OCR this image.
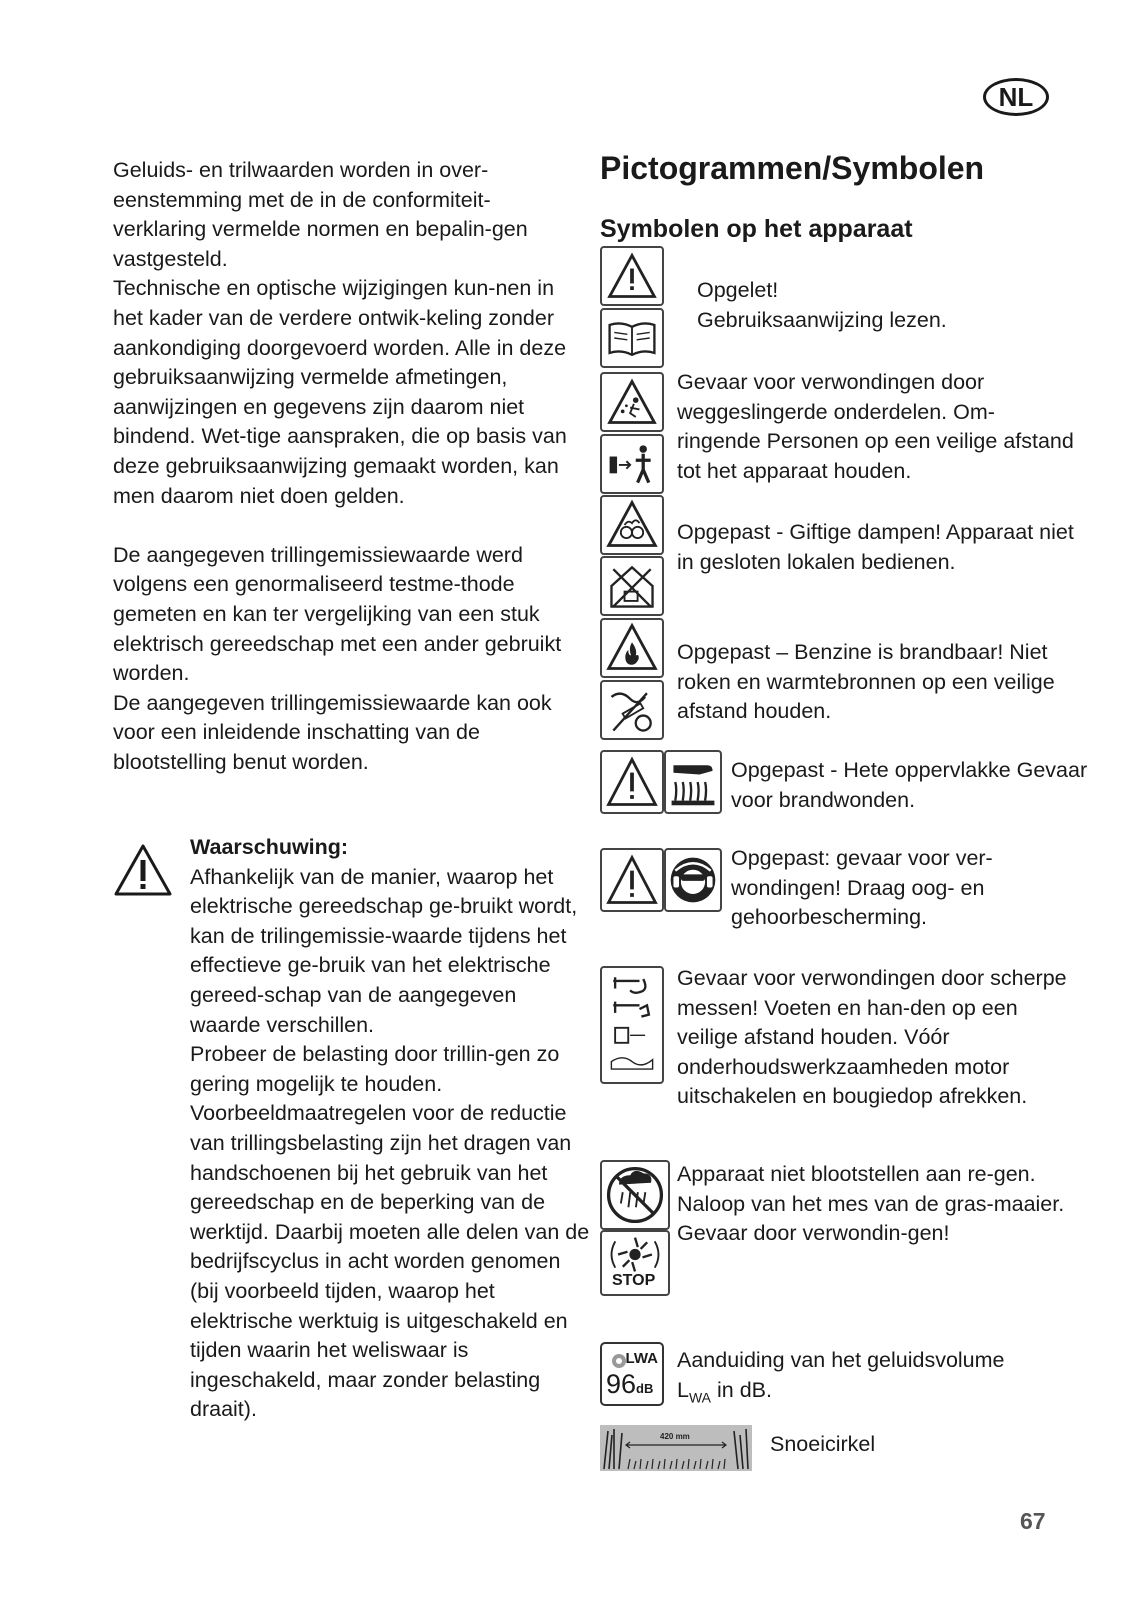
NL

Geluids- en trilwaarden worden in over-eenstemming met de in de conformiteit-verklaring vermelde normen en bepalin-gen vastgesteld.

Technische en optische wijzigingen kun-nen in het kader van de verdere ontwik-keling zonder aankondiging doorgevoerd worden. Alle in deze gebruiksaanwijzing vermelde afmetingen, aanwijzingen en gegevens zijn daarom niet bindend. Wet-tige aanspraken, die op basis van deze gebruiksaanwijzing gemaakt worden, kan men daarom niet doen gelden.

De aangegeven trillingemissiewaarde werd volgens een genormaliseerd testme-thode gemeten en kan ter vergelijking van een stuk elektrisch gereedschap met een ander gebruikt worden.

De aangegeven trillingemissiewaarde kan ook voor een inleidende inschatting van de blootstelling benut worden.

Waarschuwing:
Afhankelijk van de manier, waarop het elektrische gereedschap ge-bruikt wordt, kan de trilingemissie-waarde tijdens het effectieve ge-bruik van het elektrische gereed-schap van de aangegeven waarde verschillen.
Probeer de belasting door trillin-gen zo gering mogelijk te houden. Voorbeeldmaatregelen voor de reductie van trillingsbelasting zijn het dragen van handschoenen bij het gebruik van het gereedschap en de beperking van de werktijd. Daarbij moeten alle delen van de bedrijfscyclus in acht worden genomen (bij voorbeeld tijden, waarop het elektrische werktuig is uitgeschakeld en tijden waarin het weliswaar is ingeschakeld, maar zonder belasting draait).
Pictogrammen/Symbolen
Symbolen op het apparaat
Opgelet!
Gebruiksaanwijzing lezen.
Gevaar voor verwondingen door weggeslingerde onderdelen. Om-ringende Personen op een veilige afstand tot het apparaat houden.
Opgepast - Giftige dampen! Apparaat niet in gesloten lokalen bedienen.
Opgepast – Benzine is brandbaar! Niet roken en warmtebronnen op een veilige afstand houden.
Opgepast - Hete oppervlakke Gevaar voor brandwonden.
Opgepast: gevaar voor ver-wondingen! Draag oog- en gehoorbescherming.
Gevaar voor verwondingen door scherpe messen! Voeten en han-den op een veilige afstand houden. Vóór onderhoudswerkzaamheden motor uitschakelen en bougiedop afrekken.
STOP
Apparaat niet blootstellen aan re-gen.
Naloop van het mes van de gras-maaier. Gevaar door verwondin-gen!
LWA
96dB
Aanduiding van het geluidsvolume
$L_{WA}$ in dB.
420 mm	Snoeicirkel
67
